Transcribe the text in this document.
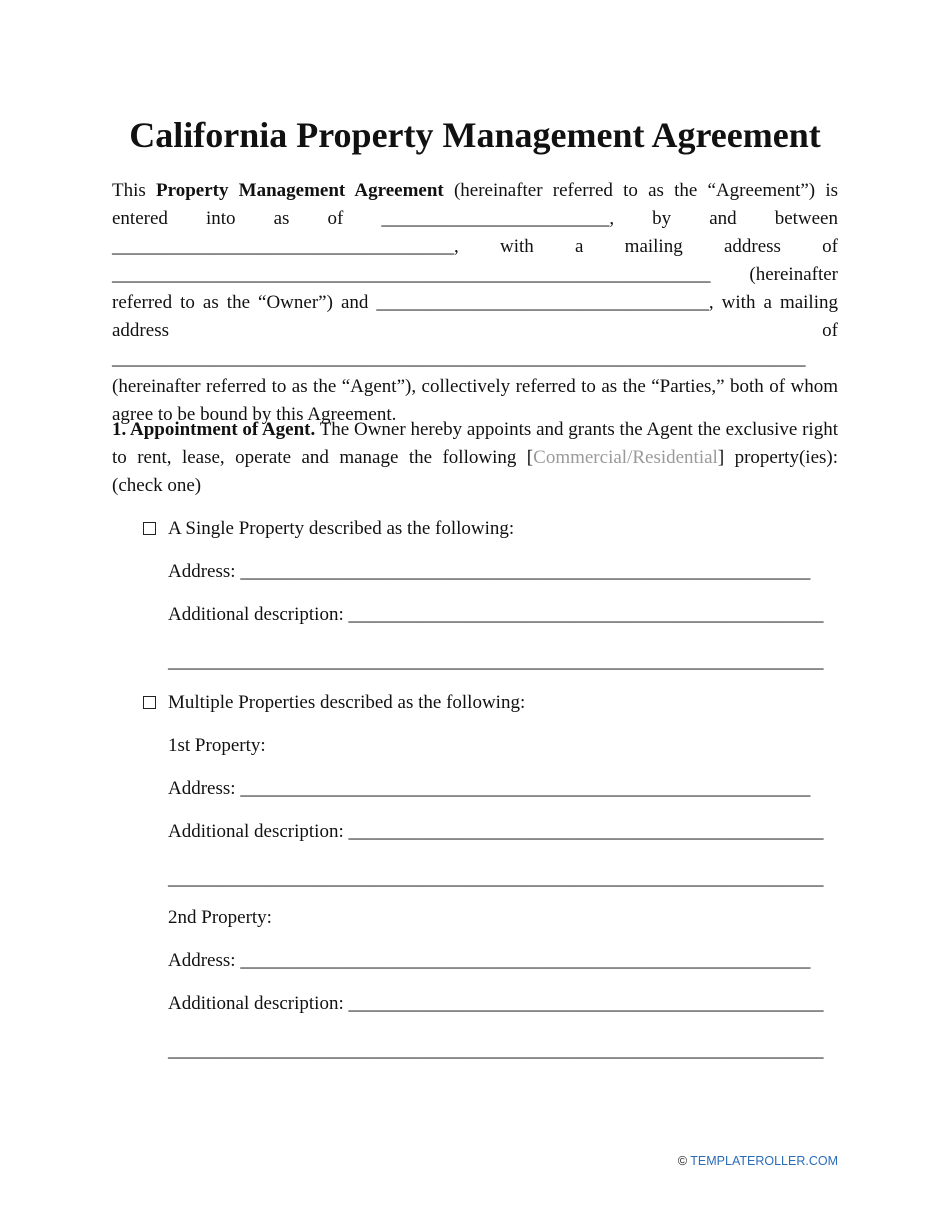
California Property Management Agreement

This Property Management Agreement (hereinafter referred to as the “Agreement”) is entered into as of ________________________, by and between ____________________________________, with a mailing address of _______________________________________________________________ (hereinafter referred to as the “Owner”) and ___________________________________, with a mailing address of _________________________________________________________________________ (hereinafter referred to as the “Agent”), collectively referred to as the “Parties,” both of whom agree to be bound by this Agreement.

1. Appointment of Agent. The Owner hereby appoints and grants the Agent the exclusive right to rent, lease, operate and manage the following [Commercial/Residential] property(ies): (check one)

A Single Property described as the following:
Address: ____________________________________________________________
Additional description: __________________________________________________
_____________________________________________________________________
Multiple Properties described as the following:
1st Property:
Address: ____________________________________________________________
Additional description: __________________________________________________
_____________________________________________________________________
2nd Property:
Address: ____________________________________________________________
Additional description: __________________________________________________
_____________________________________________________________________
© TEMPLATEROLLER.COM
